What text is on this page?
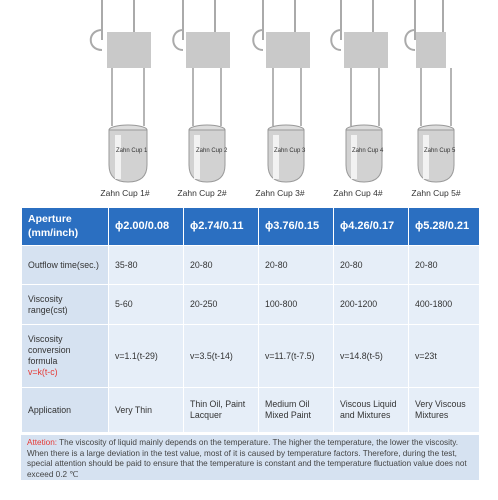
Zahn Cup 1
Zahn Cup 1#
Zahn Cup 2
Zahn Cup 2#
Zahn Cup 3
Zahn Cup 3#
Zahn Cup 4
Zahn Cup 4#
Zahn Cup 5
Zahn Cup 5#
Aperture (mm/inch)	ϕ2.00/0.08	ϕ2.74/0.11	ϕ3.76/0.15	ϕ4.26/0.17	ϕ5.28/0.21
Outflow time(sec.)	35-80	20-80	20-80	20-80	20-80
Viscosity range(cst)	5-60	20-250	100-800	200-1200	400-1800
Viscosity conversion formula
v=k(t-c)	v=1.1(t-29)	v=3.5(t-14)	v=11.7(t-7.5)	v=14.8(t-5)	v=23t
Application	Very Thin	Thin Oil, Paint Lacquer	Medium Oil Mixed Paint	Viscous Liquid and Mixtures	Very Viscous Mixtures
Attetion: The viscosity of liquid mainly depends on the temperature. The higher the temperature, the lower the viscosity. When there is a large deviation in the test value, most of it is caused by temperature factors. Therefore, during the test, special attention should be paid to ensure that the temperature is constant and the temperature fluctuation value does not exceed 0.2 ℃
